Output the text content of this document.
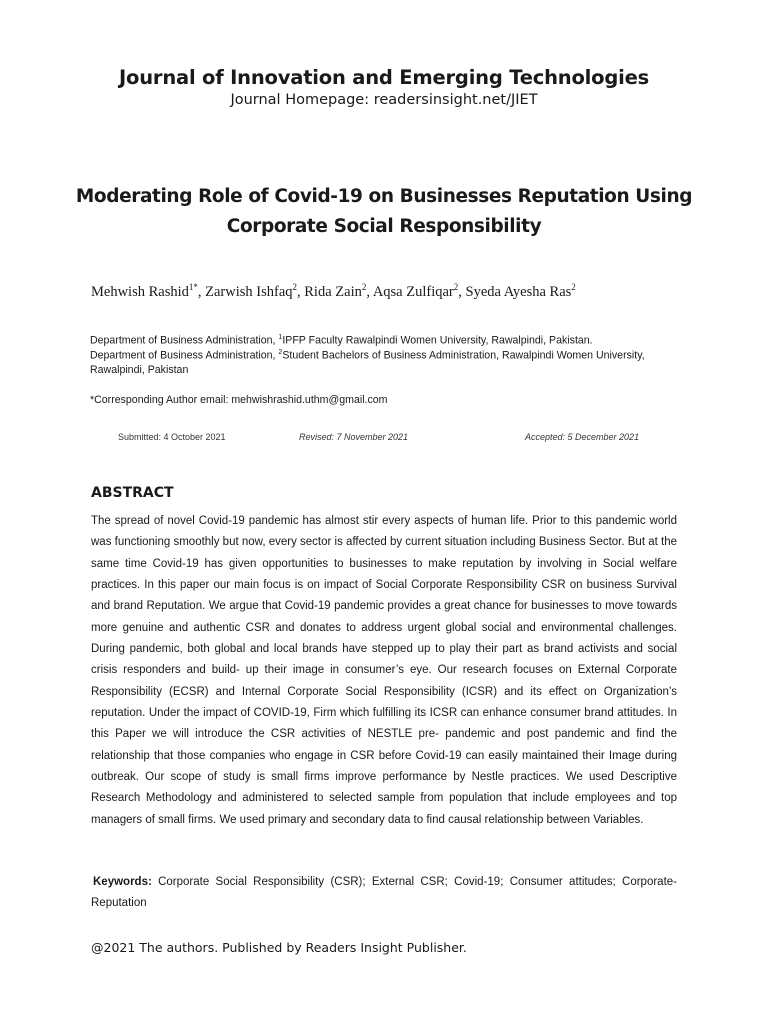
Journal of Innovation and Emerging Technologies
Journal Homepage: readersinsight.net/JIET
Moderating Role of Covid-19 on Businesses Reputation Using Corporate Social Responsibility
Mehwish Rashid$^{1*}$, Zarwish Ishfaq$^2$, Rida Zain$^2$, Aqsa Zulfiqar$^2$, Syeda Ayesha Ras$^2$
Department of Business Administration, $^1$IPFP Faculty Rawalpindi Women University, Rawalpindi, Pakistan.
Department of Business Administration, $^2$Student Bachelors of Business Administration, Rawalpindi Women University, Rawalpindi, Pakistan
*Corresponding Author email: mehwishrashid.uthm@gmail.com
Submitted: 4 October 2021	Revised: 7 November 2021	Accepted: 5 December 2021
ABSTRACT
The spread of novel Covid-19 pandemic has almost stir every aspects of human life. Prior to this pandemic world was functioning smoothly but now, every sector is affected by current situation including Business Sector. But at the same time Covid-19 has given opportunities to businesses to make reputation by involving in Social welfare practices. In this paper our main focus is on impact of Social Corporate Responsibility CSR on business Survival and brand Reputation. We argue that Covid-19 pandemic provides a great chance for businesses to move towards more genuine and authentic CSR and donates to address urgent global social and environmental challenges. During pandemic, both global and local brands have stepped up to play their part as brand activists and social crisis responders and build- up their image in consumer’s eye. Our research focuses on External Corporate Responsibility (ECSR) and Internal Corporate Social Responsibility (ICSR) and its effect on Organization’s reputation. Under the impact of COVID-19, Firm which fulfilling its ICSR can enhance consumer brand attitudes. In this Paper we will introduce the CSR activities of NESTLE pre- pandemic and post pandemic and find the relationship that those companies who engage in CSR before Covid-19 can easily maintained their Image during outbreak. Our scope of study is small firms improve performance by Nestle practices. We used Descriptive Research Methodology and administered to selected sample from population that include employees and top managers of small firms. We used primary and secondary data to find causal relationship between Variables.
Keywords: Corporate Social Responsibility (CSR); External CSR; Covid-19; Consumer attitudes; Corporate-Reputation
@2021 The authors. Published by Readers Insight Publisher.
